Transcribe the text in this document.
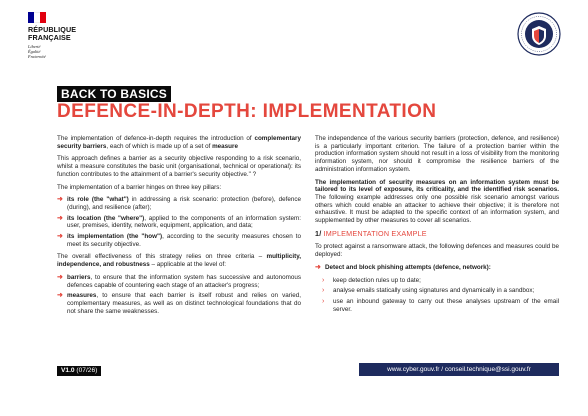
RÉPUBLIQUE
FRANÇAISE
Liberté
Égalité
Fraternité
BACK TO BASICS
DEFENCE-IN-DEPTH: IMPLEMENTATION

The implementation of defence-in-depth requires the introduction of complementary security barriers, each of which is made up of a set of measure

This approach defines a barrier as a security objective responding to a risk scenario, whilst a measure constitutes the basic unit (organisational, technical or operational): its function contributes to the attainment of a barrier's security objective." ?

The implementation of a barrier hinges on three key pillars:

➜ its role (the "what") in addressing a risk scenario: protection (before), defence (during), and resilience (after);
➜ its location (the "where"), applied to the components of an information system: user, premises, identity, network, equipment, application, and data;
➜ its implementation (the "how"), according to the security measures chosen to meet its security objective.

The overall effectiveness of this strategy relies on three criteria – multiplicity, independence, and robustness – applicable at the level of:

➜ barriers, to ensure that the information system has successive and autonomous defences capable of countering each stage of an attacker's progress;
➜ measures, to ensure that each barrier is itself robust and relies on varied, complementary measures, as well as on distinct technological foundations that do not share the same weaknesses.

The independence of the various security barriers (protection, defence, and resilience) is a particularly important criterion. The failure of a protection barrier within the production information system should not result in a loss of visibility from the monitoring information system, nor should it compromise the resilience barriers of the administration information system.

The implementation of security measures on an information system must be tailored to its level of exposure, its criticality, and the identified risk scenarios. The following example addresses only one possible risk scenario amongst various others which could enable an attacker to achieve their objective; it is therefore not exhaustive. It must be adapted to the specific context of an information system, and supplemented by other measures to cover all scenarios.

1/ IMPLEMENTATION EXAMPLE

To protect against a ransomware attack, the following defences and measures could be deployed:

➜ Detect and block phishing attempts (defence, network):
› keep detection rules up to date;
› analyse emails statically using signatures and dynamically in a sandbox;
› use an inbound gateway to carry out these analyses upstream of the email server.
V1.0 (07/26)	www.cyber.gouv.fr / conseil.technique@ssi.gouv.fr
